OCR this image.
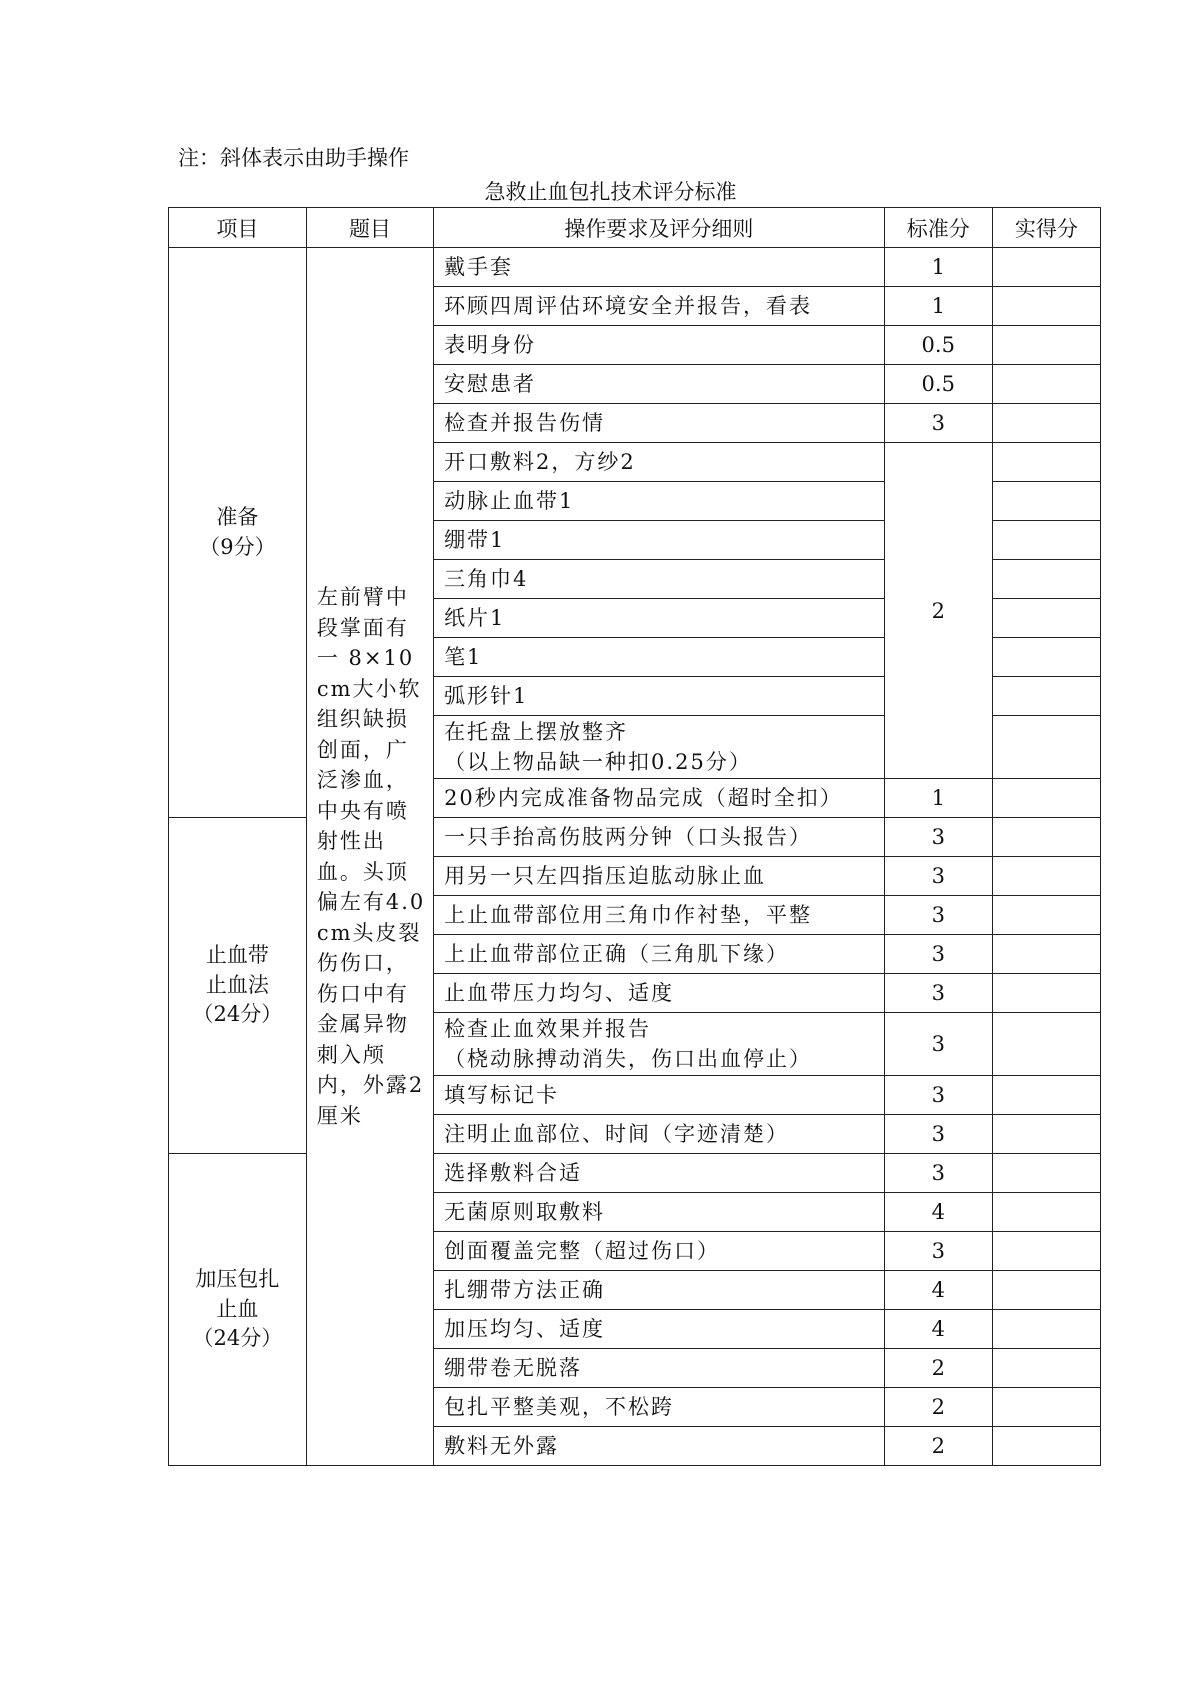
注：斜体表示由助手操作
急救止血包扎技术评分标准
项目	题目	操作要求及评分细则	标准分	实得分

准备
（9分）	左前臂中段掌面有一 8×10cm大小软组织缺损创面，广泛渗血，中央有喷射性出血。头顶偏左有4.0cm头皮裂伤伤口，伤口中有金属异物刺入颅内，外露2厘米	戴手套	1	

		环顾四周评估环境安全并报告，看表	1	

		表明身份	0.5	

		安慰患者	0.5	

		检查并报告伤情	3	

		开口敷料2，方纱2	2	

		动脉止血带1		

		绷带1		

		三角巾4		

		纸片1		

		笔1		

		弧形针1		

		在托盘上摆放整齐
（以上物品缺一种扣0.25分）		

		20秒内完成准备物品完成（超时全扣）	1	

止血带
止血法
（24分）		一只手抬高伤肢两分钟（口头报告）	3	

		用另一只左四指压迫肱动脉止血	3	

		上止血带部位用三角巾作衬垫，平整	3	

		上止血带部位正确（三角肌下缘）	3	

		止血带压力均匀、适度	3	

		检查止血效果并报告
（桡动脉搏动消失，伤口出血停止）	3	

		填写标记卡	3	

		注明止血部位、时间（字迹清楚）	3	

加压包扎
止血
（24分）		选择敷料合适	3	

		无菌原则取敷料	4	

		创面覆盖完整（超过伤口）	3	

		扎绷带方法正确	4	

		加压均匀、适度	4	

		绷带卷无脱落	2	

		包扎平整美观，不松跨	2	

		敷料无外露	2	
